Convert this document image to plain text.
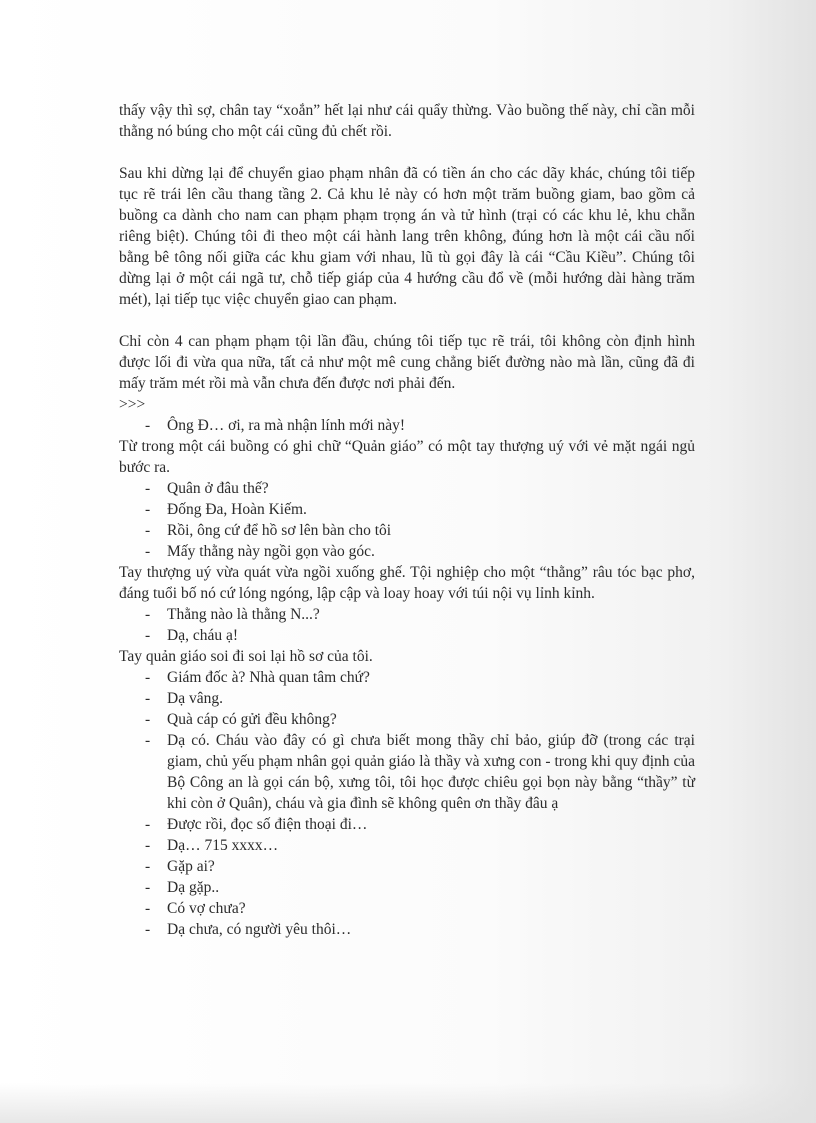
thấy vậy thì sợ, chân tay “xoắn” hết lại như cái quẩy thừng. Vào buồng thế này, chỉ cần mỗi thằng nó búng cho một cái cũng đủ chết rồi.

Sau khi dừng lại để chuyển giao phạm nhân đã có tiền án cho các dãy khác, chúng tôi tiếp tục rẽ trái lên cầu thang tầng 2. Cả khu lẻ này có hơn một trăm buồng giam, bao gồm cả buồng ca dành cho nam can phạm phạm trọng án và tử hình (trại có các khu lẻ, khu chẵn riêng biệt). Chúng tôi đi theo một cái hành lang trên không, đúng hơn là một cái cầu nối bằng bê tông nối giữa các khu giam với nhau, lũ tù gọi đây là cái “Cầu Kiều”. Chúng tôi dừng lại ở một cái ngã tư, chỗ tiếp giáp của 4 hướng cầu đổ về (mỗi hướng dài hàng trăm mét), lại tiếp tục việc chuyển giao can phạm.

Chỉ còn 4 can phạm phạm tội lần đầu, chúng tôi tiếp tục rẽ trái, tôi không còn định hình được lối đi vừa qua nữa, tất cả như một mê cung chẳng biết đường nào mà lần, cũng đã đi mấy trăm mét rồi mà vẫn chưa đến được nơi phải đến.

>>>

- Ông Đ… ơi, ra mà nhận lính mới này!

Từ trong một cái buồng có ghi chữ “Quản giáo” có một tay thượng uý với vẻ mặt ngái ngủ bước ra.

- Quân ở đâu thế?
- Đống Đa, Hoàn Kiếm.
- Rồi, ông cứ để hồ sơ lên bàn cho tôi
- Mấy thằng này ngồi gọn vào góc.

Tay thượng uý vừa quát vừa ngồi xuống ghế. Tội nghiệp cho một “thằng” râu tóc bạc phơ, đáng tuổi bố nó cứ lóng ngóng, lập cập và loay hoay với túi nội vụ lỉnh kỉnh.

- Thằng nào là thằng N...?
- Dạ, cháu ạ!

Tay quản giáo soi đi soi lại hồ sơ của tôi.

- Giám đốc à? Nhà quan tâm chứ?
- Dạ vâng.
- Quà cáp có gửi đều không?
- Dạ có. Cháu vào đây có gì chưa biết mong thầy chỉ bảo, giúp đỡ (trong các trại giam, chủ yếu phạm nhân gọi quản giáo là thầy và xưng con - trong khi quy định của Bộ Công an là gọi cán bộ, xưng tôi, tôi học được chiêu gọi bọn này bằng “thầy” từ khi còn ở Quân), cháu và gia đình sẽ không quên ơn thầy đâu ạ
- Được rồi, đọc số điện thoại đi…
- Dạ… 715 xxxx…
- Gặp ai?
- Dạ gặp..
- Có vợ chưa?
- Dạ chưa, có người yêu thôi…
